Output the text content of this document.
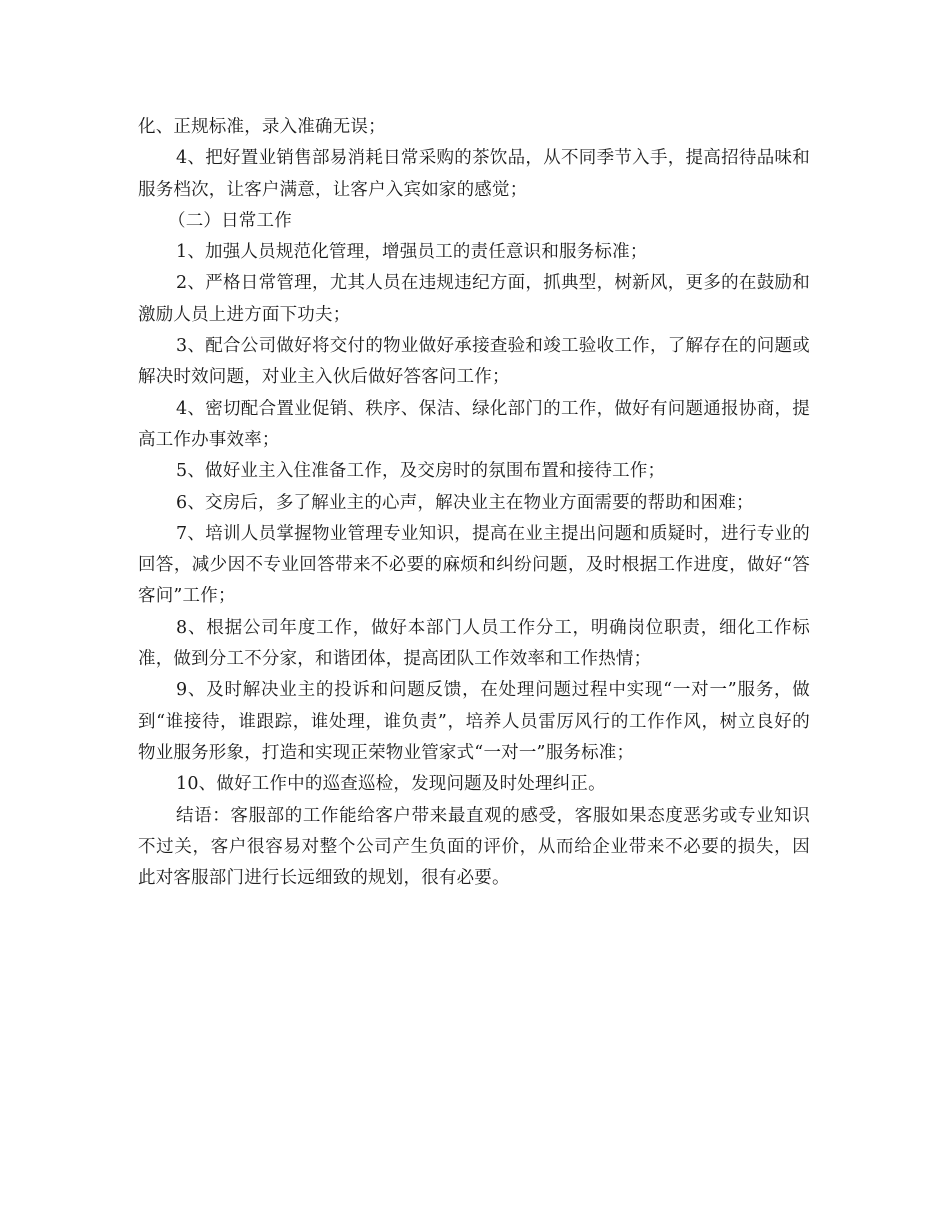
化、正规标准，录入准确无误；

4、把好置业销售部易消耗日常采购的茶饮品，从不同季节入手，提高招待品味和服务档次，让客户满意，让客户入宾如家的感觉；

（二）日常工作

1、加强人员规范化管理，增强员工的责任意识和服务标准；

2、严格日常管理，尤其人员在违规违纪方面，抓典型，树新风，更多的在鼓励和激励人员上进方面下功夫；

3、配合公司做好将交付的物业做好承接查验和竣工验收工作，了解存在的问题或解决时效问题，对业主入伙后做好答客问工作；

4、密切配合置业促销、秩序、保洁、绿化部门的工作，做好有问题通报协商，提高工作办事效率；

5、做好业主入住准备工作，及交房时的氛围布置和接待工作；

6、交房后，多了解业主的心声，解决业主在物业方面需要的帮助和困难；

7、培训人员掌握物业管理专业知识，提高在业主提出问题和质疑时，进行专业的回答，减少因不专业回答带来不必要的麻烦和纠纷问题，及时根据工作进度，做好“答客问”工作；

8、根据公司年度工作，做好本部门人员工作分工，明确岗位职责，细化工作标准，做到分工不分家，和谐团体，提高团队工作效率和工作热情；

9、及时解决业主的投诉和问题反馈，在处理问题过程中实现“一对一”服务，做到“谁接待，谁跟踪，谁处理，谁负责”，培养人员雷厉风行的工作作风，树立良好的物业服务形象，打造和实现正荣物业管家式“一对一”服务标准；

10、做好工作中的巡查巡检，发现问题及时处理纠正。

结语：客服部的工作能给客户带来最直观的感受，客服如果态度恶劣或专业知识不过关，客户很容易对整个公司产生负面的评价，从而给企业带来不必要的损失，因此对客服部门进行长远细致的规划，很有必要。
